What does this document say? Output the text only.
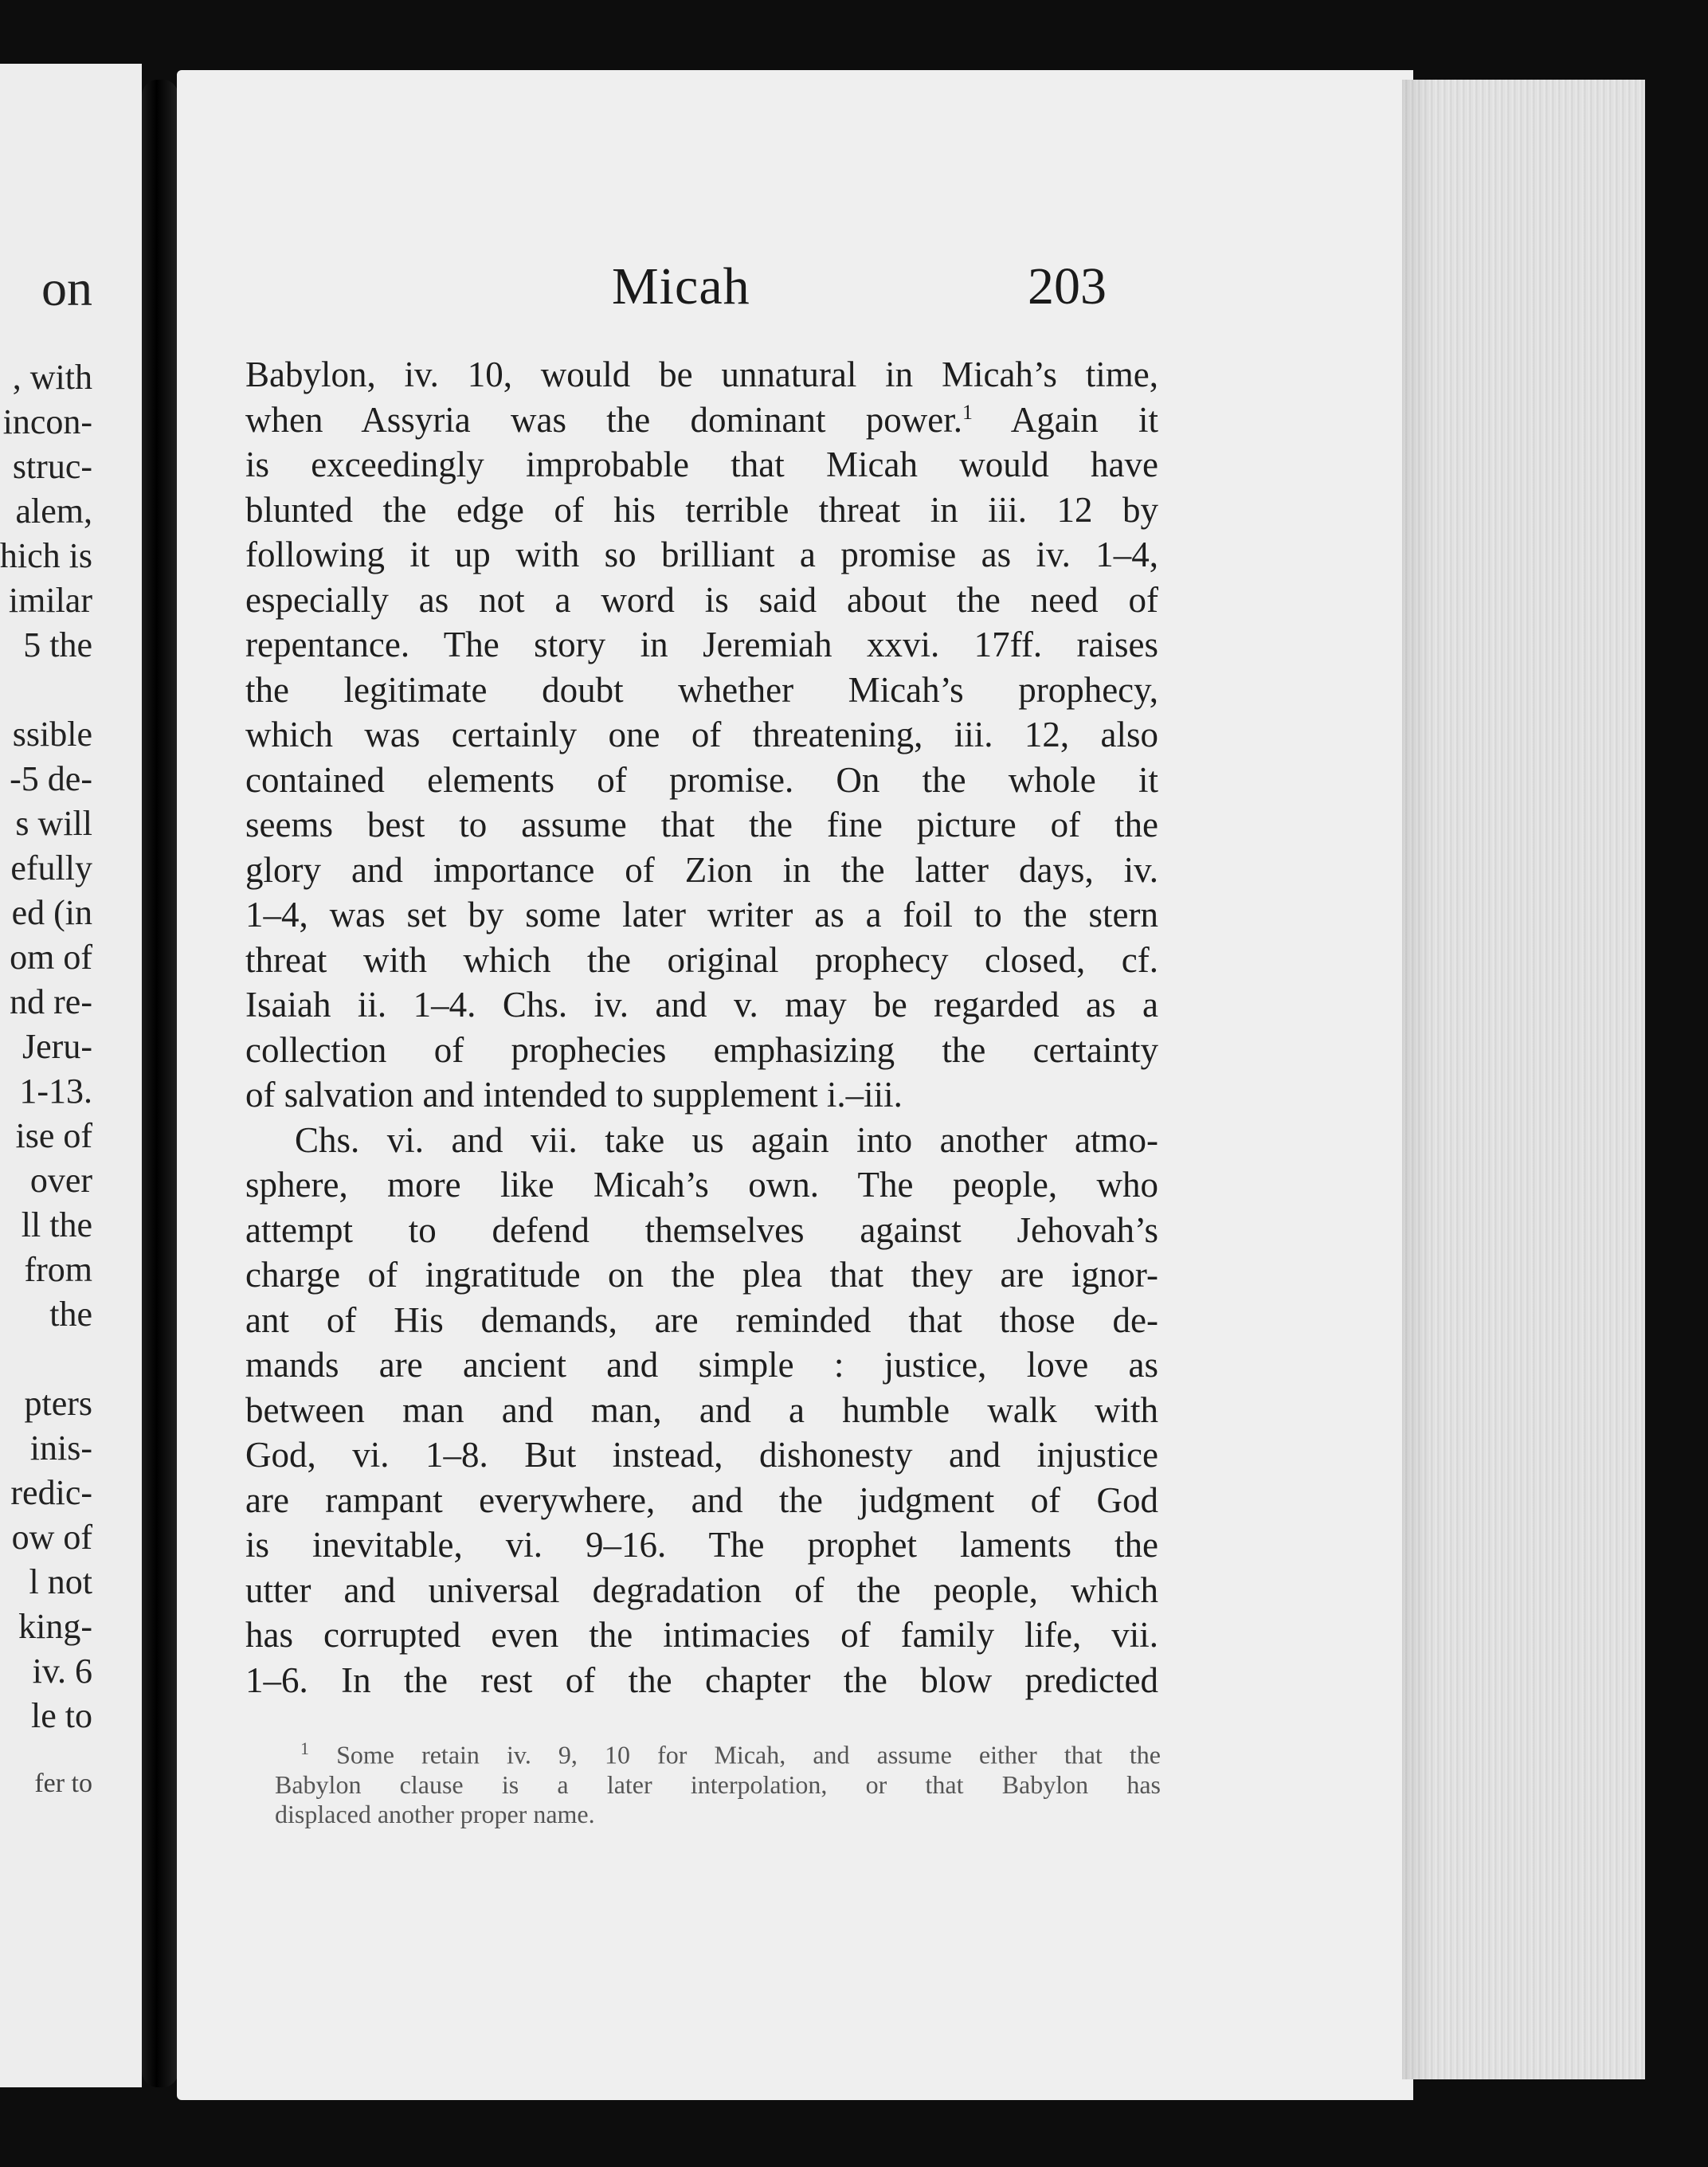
on
, with
incon-
struc-
alem,
hich is
imilar
5 the
ssible
-5 de-
s will
efully
ed (in
om of
nd re-
Jeru-
1-13.
ise of
over
ll the
from
the
pters
inis-
redic-
ow of
l not
king-
iv. 6
le to
fer to
Micah	203
Babylon, iv. 10, would be unnatural in Micah’s time,
when Assyria was the dominant power.$^1$ Again it
is exceedingly improbable that Micah would have
blunted the edge of his terrible threat in iii. 12 by
following it up with so brilliant a promise as iv. 1–4,
especially as not a word is said about the need of
repentance. The story in Jeremiah xxvi. 17ff. raises
the legitimate doubt whether Micah’s prophecy,
which was certainly one of threatening, iii. 12, also
contained elements of promise. On the whole it
seems best to assume that the fine picture of the
glory and importance of Zion in the latter days, iv.
1–4, was set by some later writer as a foil to the stern
threat with which the original prophecy closed, cf.
Isaiah ii. 1–4. Chs. iv. and v. may be regarded as a
collection of prophecies emphasizing the certainty
of salvation and intended to supplement i.–iii.
Chs. vi. and vii. take us again into another atmo-
sphere, more like Micah’s own. The people, who
attempt to defend themselves against Jehovah’s
charge of ingratitude on the plea that they are ignor-
ant of His demands, are reminded that those de-
mands are ancient and simple : justice, love as
between man and man, and a humble walk with
God, vi. 1–8. But instead, dishonesty and injustice
are rampant everywhere, and the judgment of God
is inevitable, vi. 9–16. The prophet laments the
utter and universal degradation of the people, which
has corrupted even the intimacies of family life, vii.
1–6. In the rest of the chapter the blow predicted
$^1$ Some retain iv. 9, 10 for Micah, and assume either that the
Babylon clause is a later interpolation, or that Babylon has
displaced another proper name.
